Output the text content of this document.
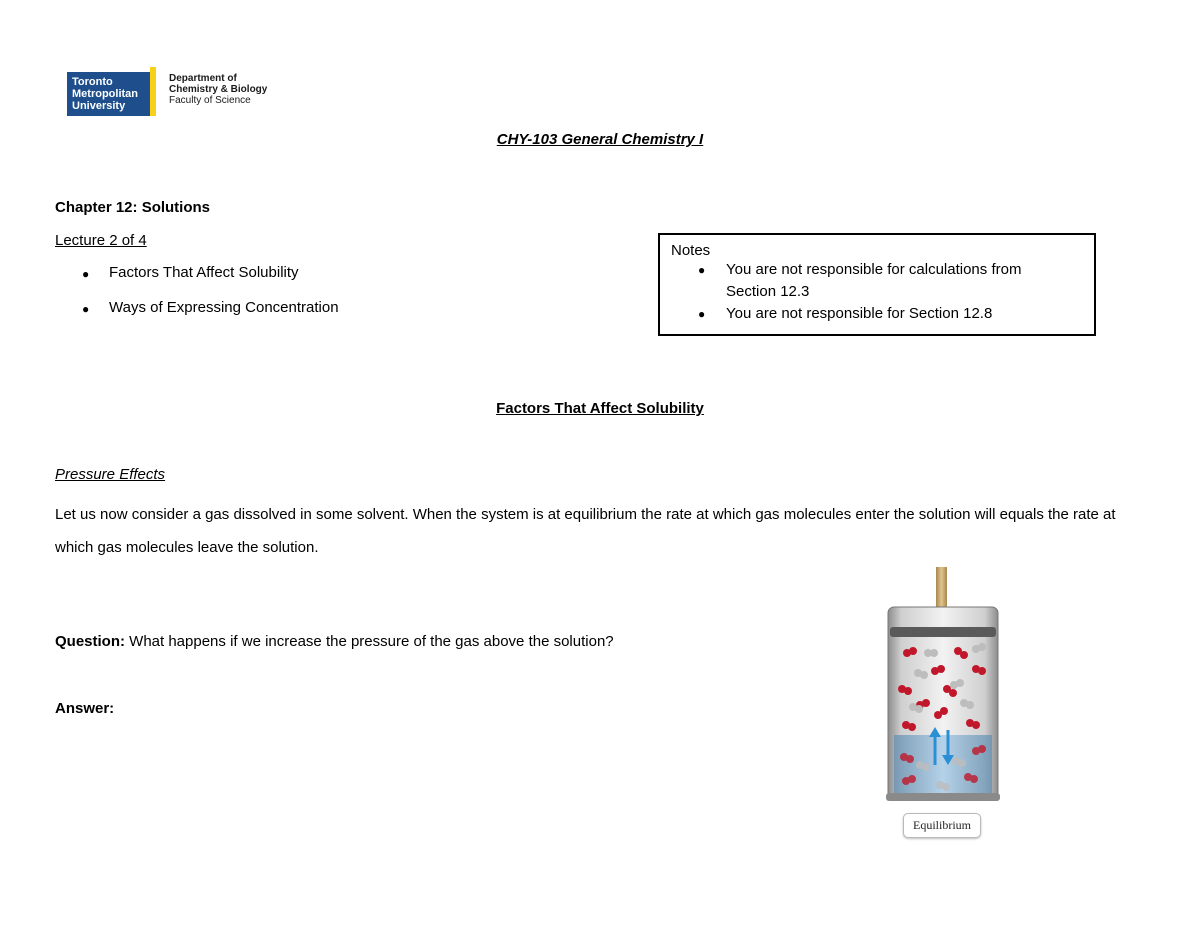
Toronto
Metropolitan
University
Department of
Chemistry & Biology
Faculty of Science
CHY-103 General Chemistry I
Chapter 12: Solutions
Lecture 2 of 4
●	Factors That Affect Solubility
●	Ways of Expressing Concentration
Notes
●	You are not responsible for calculations from
Section 12.3
●	You are not responsible for Section 12.8
Factors That Affect Solubility
Pressure Effects
Let us now consider a gas dissolved in some solvent. When the system is at equilibrium the rate at which gas molecules enter the solution will equals the rate at which gas molecules leave the solution.
Question: What happens if we increase the pressure of the gas above the solution?
Answer:
Equilibrium
